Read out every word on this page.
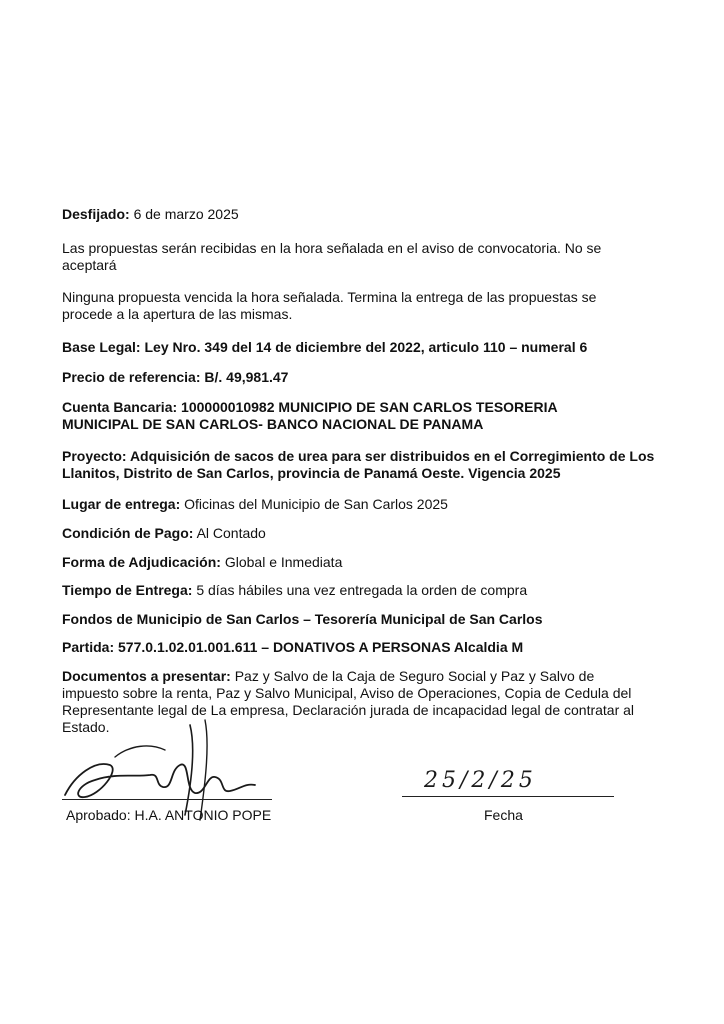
Desfijado: 6 de marzo 2025
Las propuestas serán recibidas en la hora señalada en el aviso de convocatoria. No se aceptará
Ninguna propuesta vencida la hora señalada. Termina la entrega de las propuestas se procede a la apertura de las mismas.
Base Legal: Ley Nro. 349 del 14 de diciembre del 2022, articulo 110 – numeral 6
Precio de referencia: B/. 49,981.47
Cuenta Bancaria: 100000010982 MUNICIPIO DE SAN CARLOS TESORERIA MUNICIPAL DE SAN CARLOS- BANCO NACIONAL DE PANAMA
Proyecto: Adquisición de sacos de urea para ser distribuidos en el Corregimiento de Los Llanitos, Distrito de San Carlos, provincia de Panamá Oeste. Vigencia 2025
Lugar de entrega: Oficinas del Municipio de San Carlos 2025
Condición de Pago: Al Contado
Forma de Adjudicación: Global e Inmediata
Tiempo de Entrega: 5 días hábiles una vez entregada la orden de compra
Fondos de Municipio de San Carlos – Tesorería Municipal de San Carlos
Partida: 577.0.1.02.01.001.611 – DONATIVOS A PERSONAS Alcaldia M
Documentos a presentar: Paz y Salvo de la Caja de Seguro Social y Paz y Salvo de impuesto sobre la renta, Paz y Salvo Municipal, Aviso de Operaciones, Copia de Cedula del Representante legal de La empresa, Declaración jurada de incapacidad legal de contratar al Estado.
Aprobado: H.A. ANTONIO POPE
25/2/25
Fecha
